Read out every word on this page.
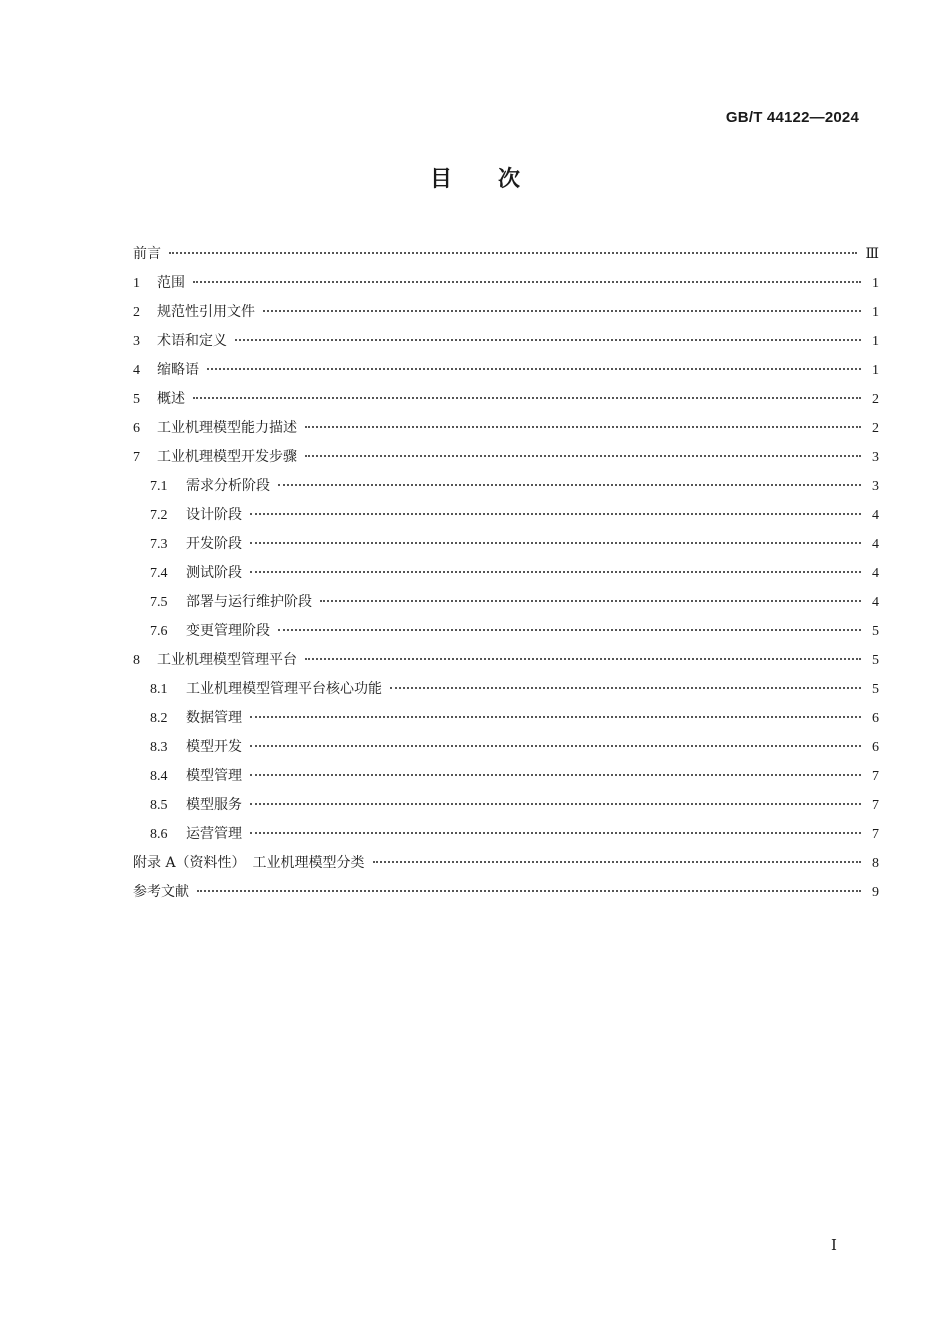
GB/T 44122—2024
目次
前言	Ⅲ
1	范围	1
2	规范性引用文件	1
3	术语和定义	1
4	缩略语	1
5	概述	2
6	工业机理模型能力描述	2
7	工业机理模型开发步骤	3
7.1	需求分析阶段	3
7.2	设计阶段	4
7.3	开发阶段	4
7.4	测试阶段	4
7.5	部署与运行维护阶段	4
7.6	变更管理阶段	5
8	工业机理模型管理平台	5
8.1	工业机理模型管理平台核心功能	5
8.2	数据管理	6
8.3	模型开发	6
8.4	模型管理	7
8.5	模型服务	7
8.6	运营管理	7
附录 A（资料性）　工业机理模型分类	8
参考文献	9
Ⅰ
